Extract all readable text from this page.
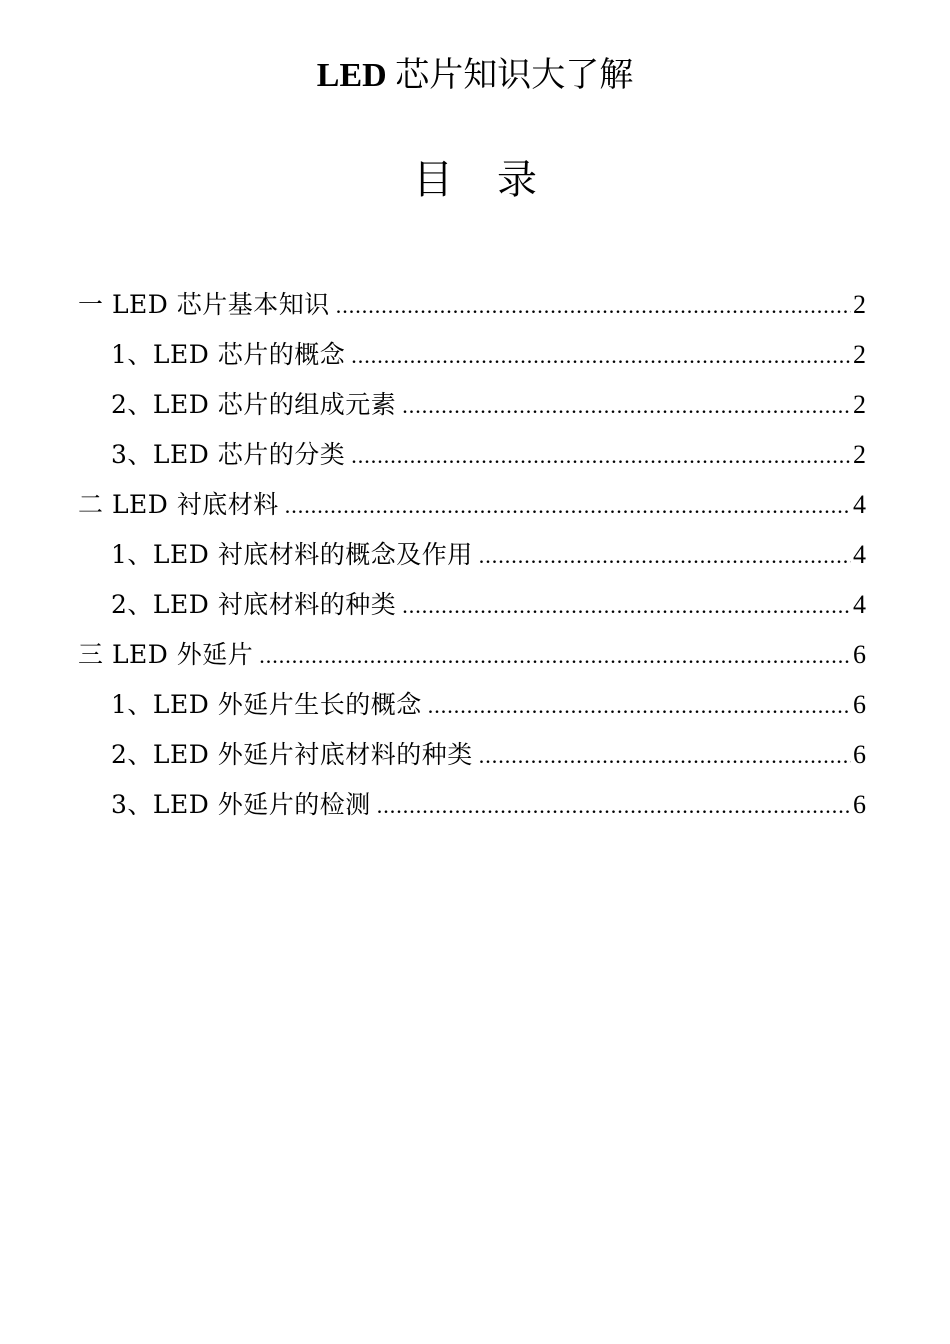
LED 芯片知识大了解
目 录
一 LED 芯片基本知识 .....	2
1、LED 芯片的概念 .....	2
2、LED 芯片的组成元素 .....	2
3、LED 芯片的分类 .....	2
二 LED 衬底材料 .....	4
1、LED 衬底材料的概念及作用 .....	4
2、LED 衬底材料的种类 .....	4
三 LED 外延片 .....	6
1、LED 外延片生长的概念 .....	6
2、LED 外延片衬底材料的种类 .....	6
3、LED 外延片的检测 .....	6
